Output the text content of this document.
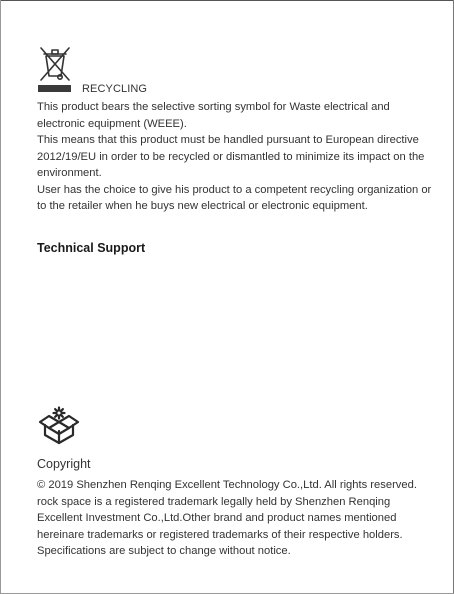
RECYCLING

This product bears the selective sorting symbol for Waste electrical and electronic equipment (WEEE).

This means that this product must be handled pursuant to European directive 2012/19/EU in order to be recycled or dismantled to minimize its impact on the environment.

User has the choice to give his product to a competent recycling organization or to the retailer when he buys new electrical or electronic equipment.

Technical Support
Copyright

© 2019 Shenzhen Renqing Excellent Technology Co.,Ltd. All rights reserved.

rock space is a registered trademark legally held by Shenzhen Renqing

Excellent Investment Co.,Ltd.Other brand and product names mentioned

hereinare trademarks or registered trademarks of their respective holders.

Specifications are subject to change without notice.
